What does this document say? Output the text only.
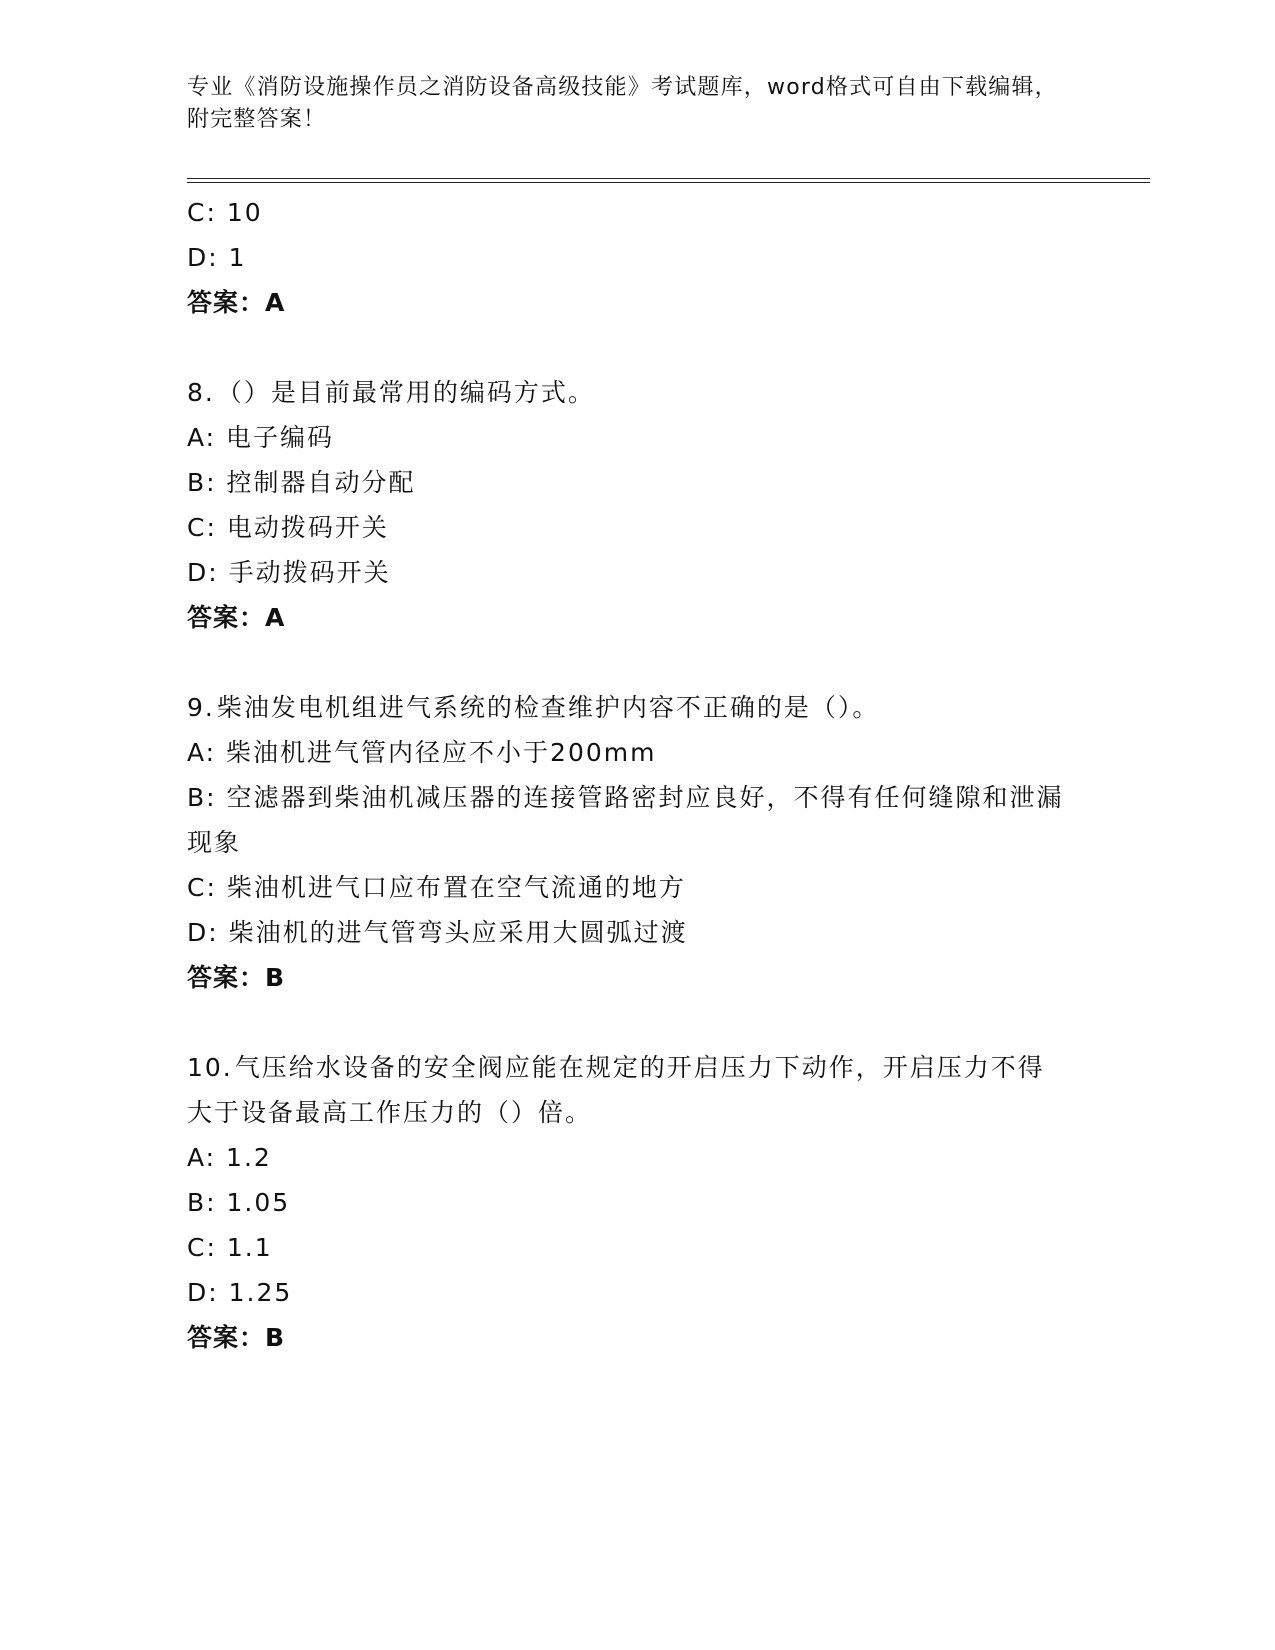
专业《消防设施操作员之消防设备高级技能》考试题库，word格式可自由下载编辑，附完整答案！
C: 10
D: 1
答案：A
8.（）是目前最常用的编码方式。
A: 电子编码
B: 控制器自动分配
C: 电动拨码开关
D: 手动拨码开关
答案：A
9.柴油发电机组进气系统的检查维护内容不正确的是（）。
A: 柴油机进气管内径应不小于200mm
B: 空滤器到柴油机减压器的连接管路密封应良好，不得有任何缝隙和泄漏现象
C: 柴油机进气口应布置在空气流通的地方
D: 柴油机的进气管弯头应采用大圆弧过渡
答案：B
10.气压给水设备的安全阀应能在规定的开启压力下动作，开启压力不得大于设备最高工作压力的（）倍。
A: 1.2
B: 1.05
C: 1.1
D: 1.25
答案：B
